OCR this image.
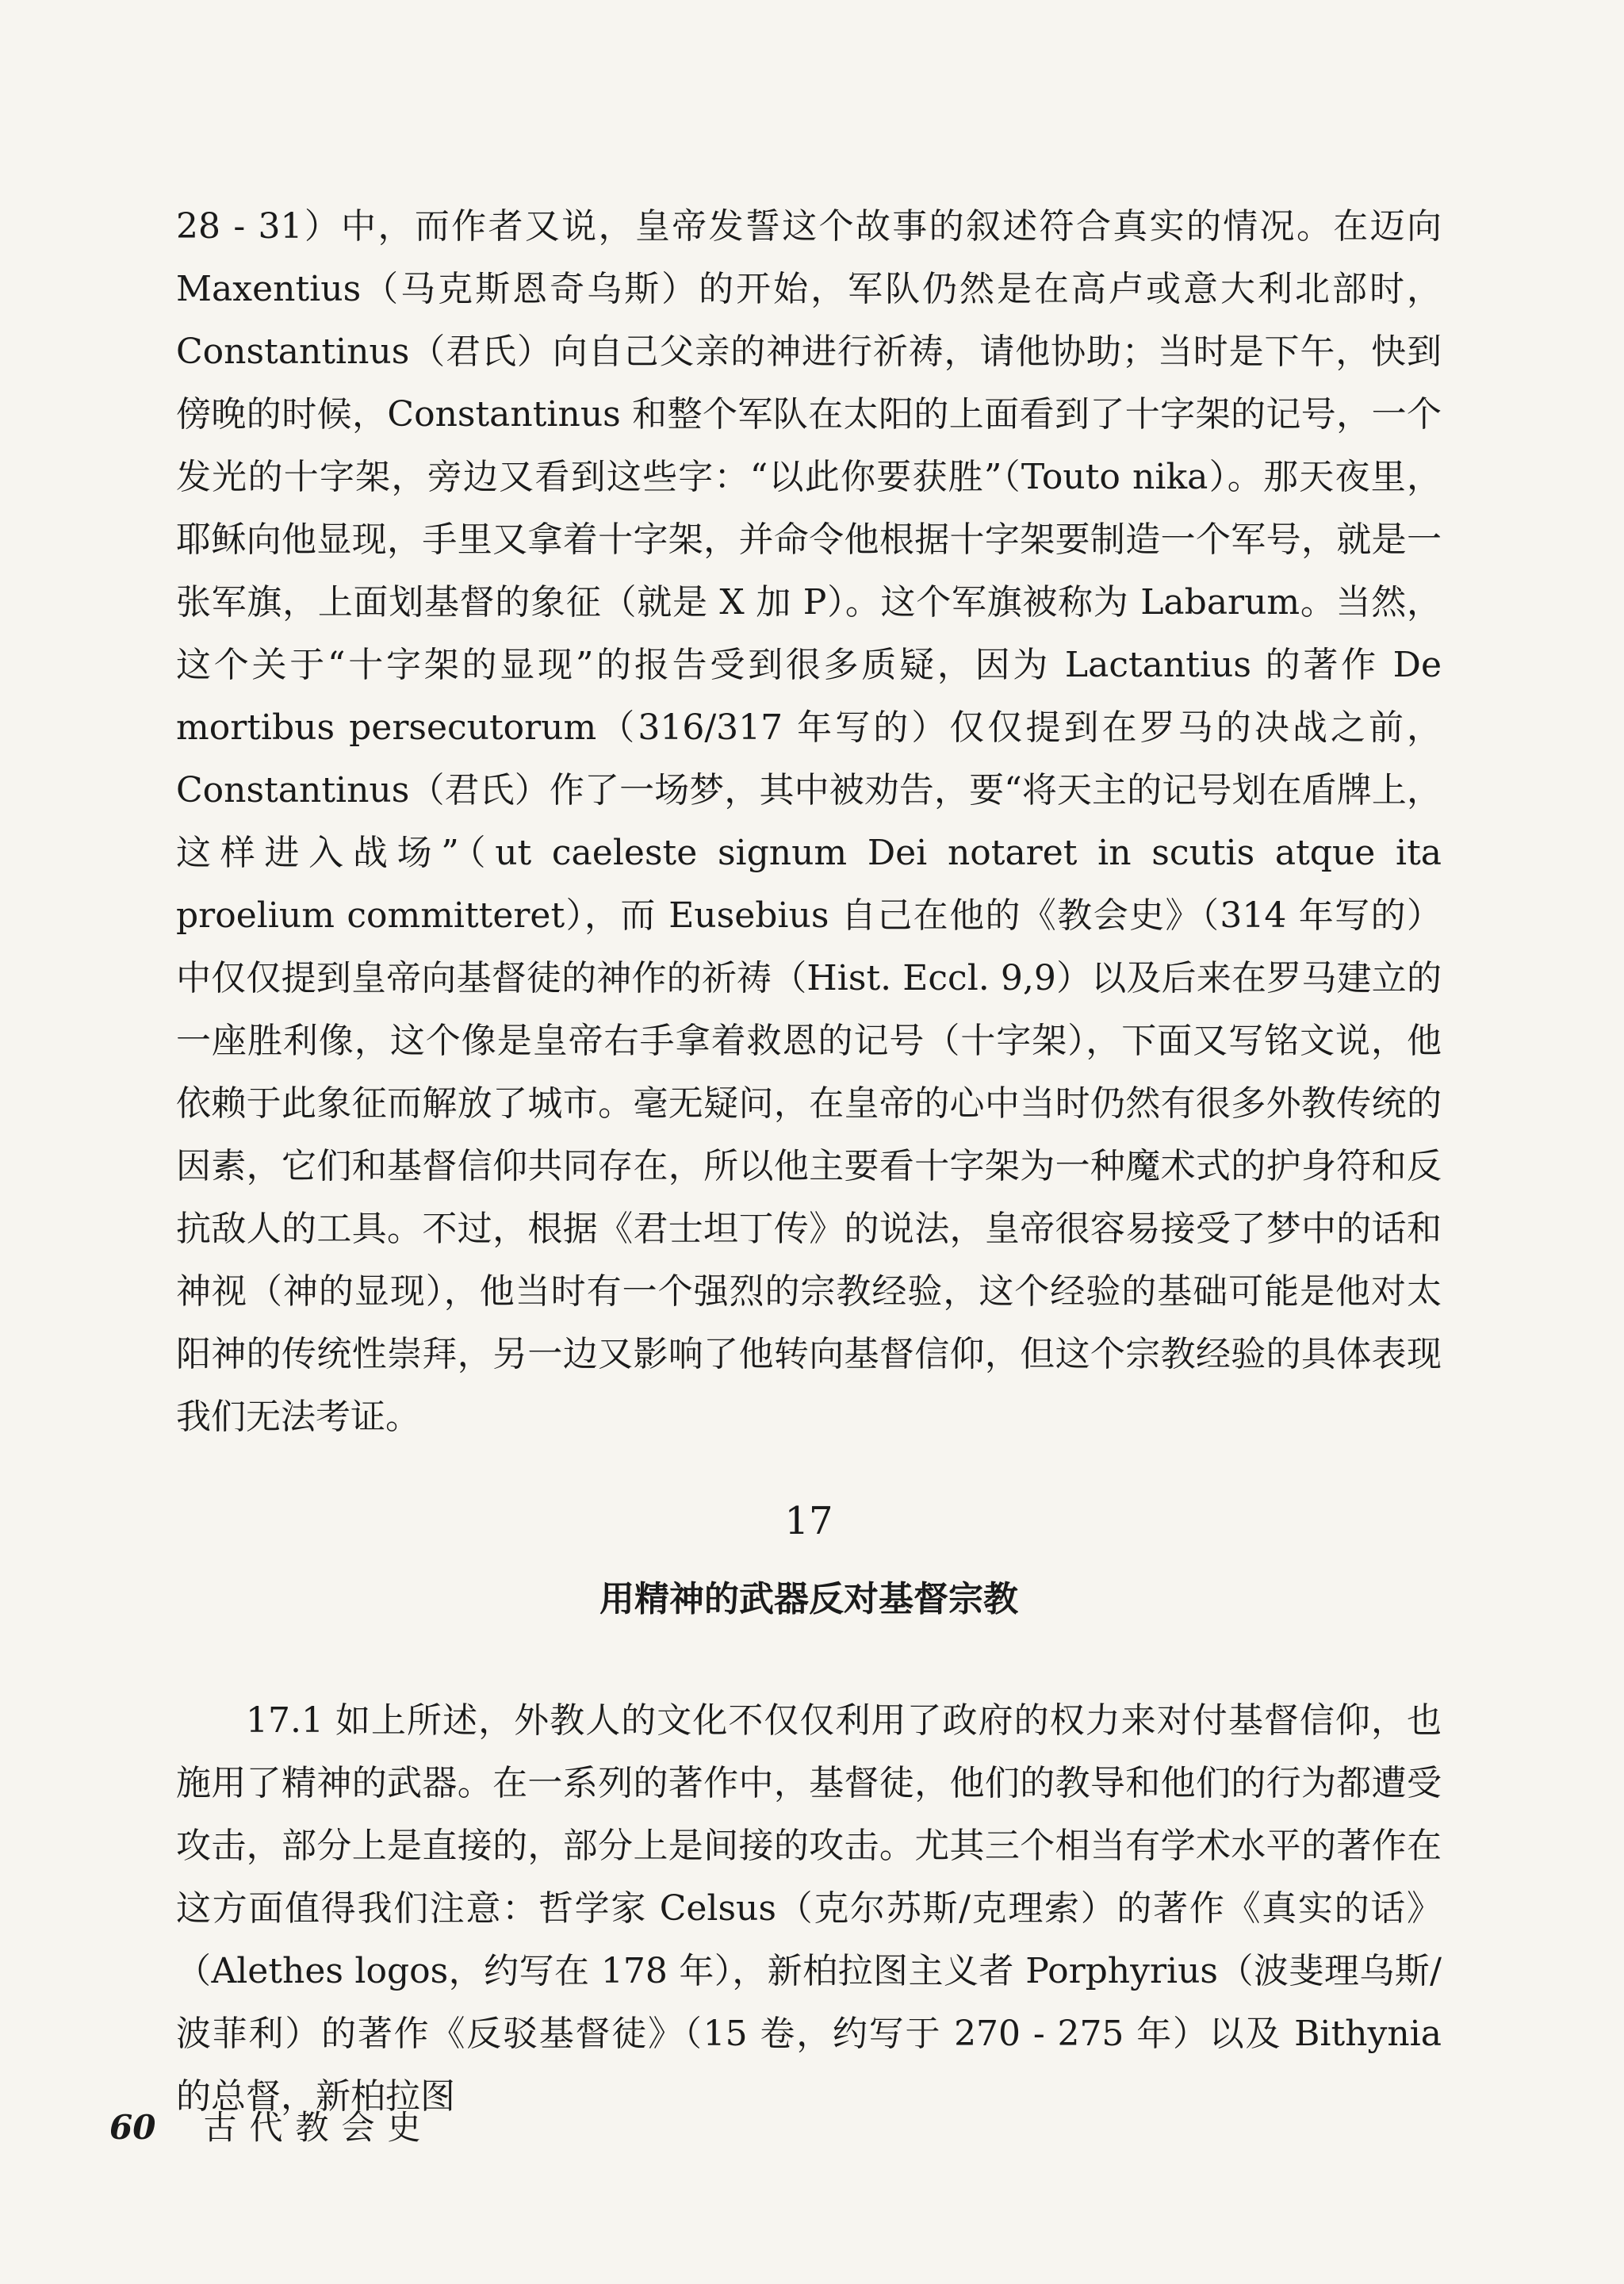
28 - 31）中，而作者又说，皇帝发誓这个故事的叙述符合真实的情况。在迈向Maxentius（马克斯恩奇乌斯）的开始，军队仍然是在高卢或意大利北部时，Constantinus（君氏）向自己父亲的神进行祈祷，请他协助；当时是下午，快到傍晚的时候，Constantinus 和整个军队在太阳的上面看到了十字架的记号，一个发光的十字架，旁边又看到这些字：“以此你要获胜”（Touto nika）。那天夜里，耶稣向他显现，手里又拿着十字架，并命令他根据十字架要制造一个军号，就是一张军旗，上面划基督的象征（就是 X 加 P）。这个军旗被称为 Labarum。当然，这个关于“十字架的显现”的报告受到很多质疑，因为 Lactantius 的著作 De mortibus persecutorum（316/317 年写的）仅仅提到在罗马的决战之前，Constantinus（君氏）作了一场梦，其中被劝告，要“将天主的记号划在盾牌上，这样进入战场”（ut caeleste signum Dei notaret in scutis atque ita proelium committeret），而 Eusebius 自己在他的《教会史》（314 年写的）中仅仅提到皇帝向基督徒的神作的祈祷（Hist. Eccl. 9,9）以及后来在罗马建立的一座胜利像，这个像是皇帝右手拿着救恩的记号（十字架），下面又写铭文说，他依赖于此象征而解放了城市。毫无疑问，在皇帝的心中当时仍然有很多外教传统的因素，它们和基督信仰共同存在，所以他主要看十字架为一种魔术式的护身符和反抗敌人的工具。不过，根据《君士坦丁传》的说法，皇帝很容易接受了梦中的话和神视（神的显现），他当时有一个强烈的宗教经验，这个经验的基础可能是他对太阳神的传统性崇拜，另一边又影响了他转向基督信仰，但这个宗教经验的具体表现我们无法考证。

17
用精神的武器反对基督宗教

17.1 如上所述，外教人的文化不仅仅利用了政府的权力来对付基督信仰，也施用了精神的武器。在一系列的著作中，基督徒，他们的教导和他们的行为都遭受攻击，部分上是直接的，部分上是间接的攻击。尤其三个相当有学术水平的著作在这方面值得我们注意：哲学家 Celsus（克尔苏斯/克理索）的著作《真实的话》（Alethes logos，约写在 178 年），新柏拉图主义者 Porphyrius（波斐理乌斯/波菲利）的著作《反驳基督徒》（15 卷，约写于 270 - 275 年）以及 Bithynia 的总督，新柏拉图

60 古代教会史
